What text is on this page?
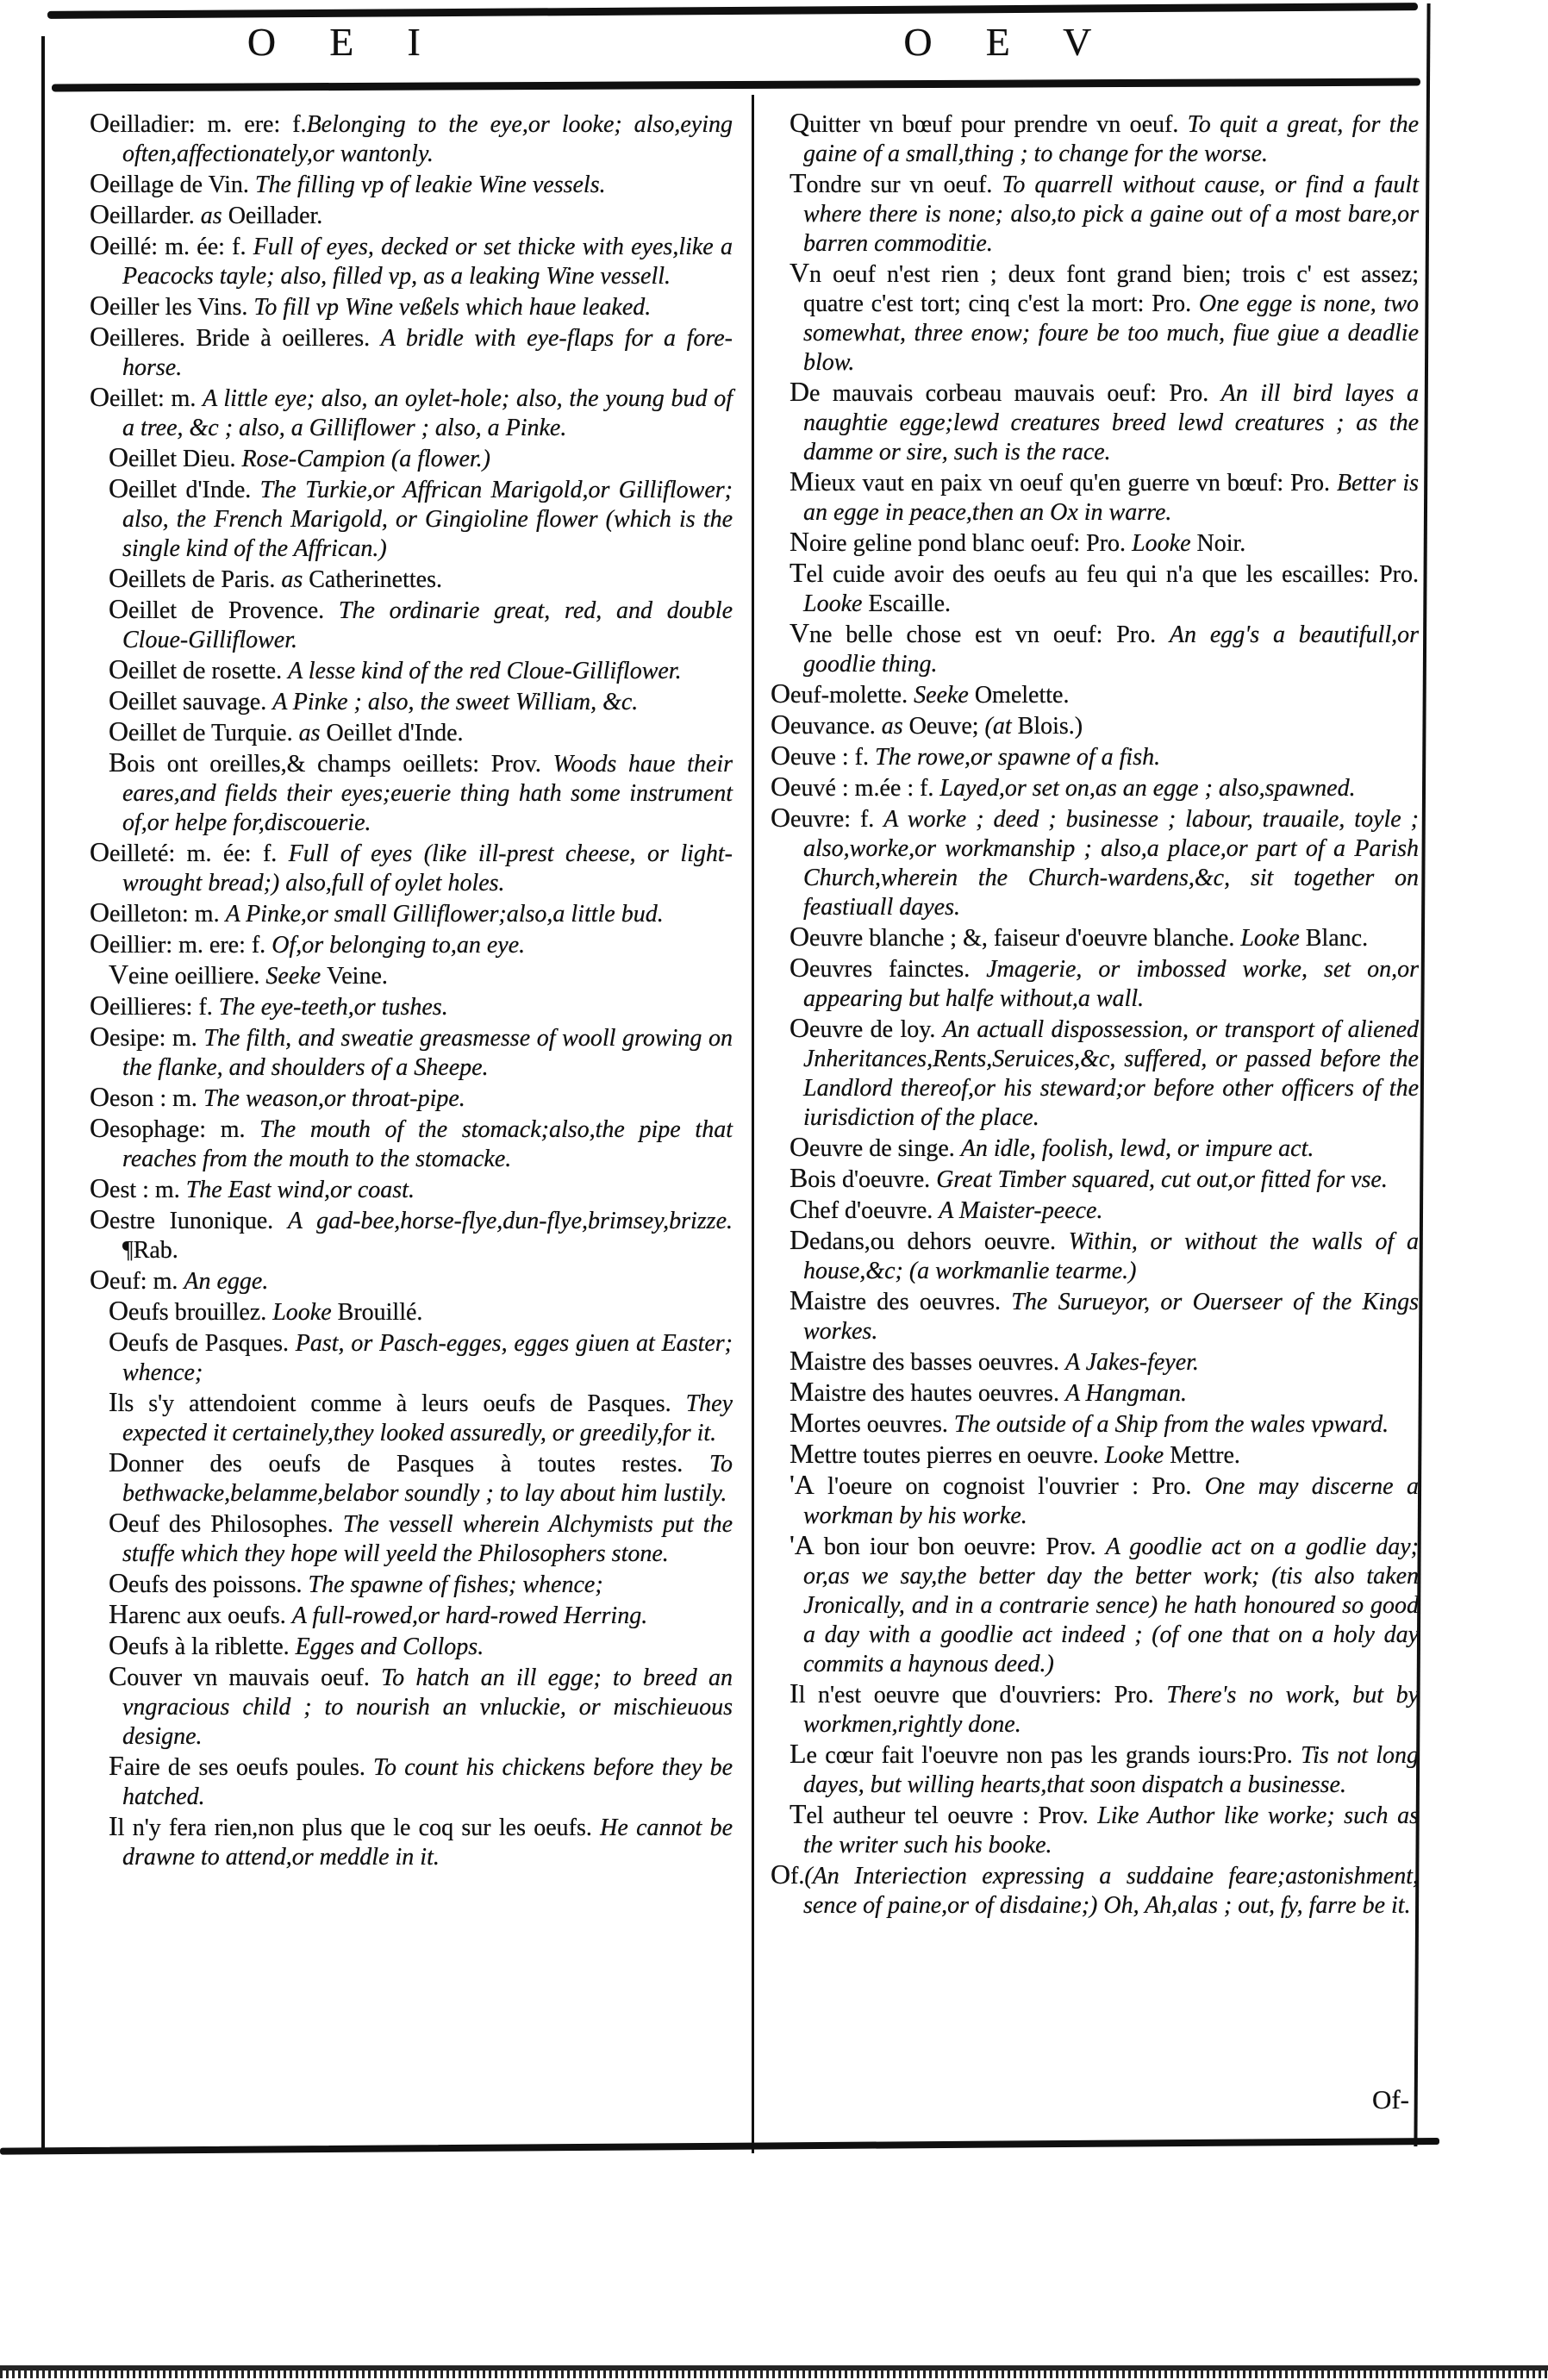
O E I	O E V

Oeilladier: m. ere: f.Belonging to the eye,or looke; also,eying often,affectionately,or wantonly.

Oeillage de Vin. The filling vp of leakie Wine vessels.

Oeillarder. as Oeillader.

Oeillé: m. ée: f. Full of eyes, decked or set thicke with eyes,like a Peacocks tayle; also, filled vp, as a leaking Wine vessell.

Oeiller les Vins. To fill vp Wine veßels which haue leaked.

Oeilleres. Bride à oeilleres. A bridle with eye-flaps for a fore-horse.

Oeillet: m. A little eye; also, an oylet-hole; also, the young bud of a tree, &c ; also, a Gilliflower ; also, a Pinke.

Oeillet Dieu. Rose-Campion (a flower.)

Oeillet d'Inde. The Turkie,or Affrican Marigold,or Gilliflower; also, the French Marigold, or Gingioline flower (which is the single kind of the Affrican.)

Oeillets de Paris. as Catherinettes.

Oeillet de Provence. The ordinarie great, red, and double Cloue-Gilliflower.

Oeillet de rosette. A lesse kind of the red Cloue-Gilliflower.

Oeillet sauvage. A Pinke ; also, the sweet William, &c.

Oeillet de Turquie. as Oeillet d'Inde.

Bois ont oreilles,& champs oeillets: Prov. Woods haue their eares,and fields their eyes;euerie thing hath some instrument of,or helpe for,discouerie.

Oeilleté: m. ée: f. Full of eyes (like ill-prest cheese, or light-wrought bread;) also,full of oylet holes.

Oeilleton: m. A Pinke,or small Gilliflower;also,a little bud.

Oeillier: m. ere: f. Of,or belonging to,an eye.

Veine oeilliere. Seeke Veine.

Oeillieres: f. The eye-teeth,or tushes.

Oesipe: m. The filth, and sweatie greasmesse of wooll growing on the flanke, and shoulders of a Sheepe.

Oeson : m. The weason,or throat-pipe.

Oesophage: m. The mouth of the stomack;also,the pipe that reaches from the mouth to the stomacke.

Oest : m. The East wind,or coast.

Oestre Iunonique. A gad-bee,horse-flye,dun-flye,brimsey,brizze. ¶Rab.

Oeuf: m. An egge.

Oeufs brouillez. Looke Brouillé.

Oeufs de Pasques. Past, or Pasch-egges, egges giuen at Easter; whence;

Ils s'y attendoient comme à leurs oeufs de Pasques. They expected it certainely,they looked assuredly, or greedily,for it.

Donner des oeufs de Pasques à toutes restes. To bethwacke,belamme,belabor soundly ; to lay about him lustily.

Oeuf des Philosophes. The vessell wherein Alchymists put the stuffe which they hope will yeeld the Philosophers stone.

Oeufs des poissons. The spawne of fishes; whence;

Harenc aux oeufs. A full-rowed,or hard-rowed Herring.

Oeufs à la riblette. Egges and Collops.

Couver vn mauvais oeuf. To hatch an ill egge; to breed an vngracious child ; to nourish an vnluckie, or mischieuous designe.

Faire de ses oeufs poules. To count his chickens before they be hatched.

Il n'y fera rien,non plus que le coq sur les oeufs. He cannot be drawne to attend,or meddle in it.

Quitter vn bœuf pour prendre vn oeuf. To quit a great, for the gaine of a small,thing ; to change for the worse.

Tondre sur vn oeuf. To quarrell without cause, or find a fault where there is none; also,to pick a gaine out of a most bare,or barren commoditie.

Vn oeuf n'est rien ; deux font grand bien; trois c' est assez; quatre c'est tort; cinq c'est la mort: Pro. One egge is none, two somewhat, three enow; foure be too much, fiue giue a deadlie blow.

De mauvais corbeau mauvais oeuf: Pro. An ill bird layes a naughtie egge;lewd creatures breed lewd creatures ; as the damme or sire, such is the race.

Mieux vaut en paix vn oeuf qu'en guerre vn bœuf: Pro. Better is an egge in peace,then an Ox in warre.

Noire geline pond blanc oeuf: Pro. Looke Noir.

Tel cuide avoir des oeufs au feu qui n'a que les escailles: Pro. Looke Escaille.

Vne belle chose est vn oeuf: Pro. An egg's a beautifull,or goodlie thing.

Oeuf-molette. Seeke Omelette.

Oeuvance. as Oeuve; (at Blois.)

Oeuve : f. The rowe,or spawne of a fish.

Oeuvé : m.ée : f. Layed,or set on,as an egge ; also,spawned.

Oeuvre: f. A worke ; deed ; businesse ; labour, trauaile, toyle ; also,worke,or workmanship ; also,a place,or part of a Parish Church,wherein the Church-wardens,&c, sit together on feastiuall dayes.

Oeuvre blanche ; &, faiseur d'oeuvre blanche. Looke Blanc.

Oeuvres fainctes. Jmagerie, or imbossed worke, set on,or appearing but halfe without,a wall.

Oeuvre de loy. An actuall dispossession, or transport of aliened Jnheritances,Rents,Seruices,&c, suffered, or passed before the Landlord thereof,or his steward;or before other officers of the iurisdiction of the place.

Oeuvre de singe. An idle, foolish, lewd, or impure act.

Bois d'oeuvre. Great Timber squared, cut out,or fitted for vse.

Chef d'oeuvre. A Maister-peece.

Dedans,ou dehors oeuvre. Within, or without the walls of a house,&c; (a workmanlie tearme.)

Maistre des oeuvres. The Surueyor, or Ouerseer of the Kings workes.

Maistre des basses oeuvres. A Jakes-feyer.

Maistre des hautes oeuvres. A Hangman.

Mortes oeuvres. The outside of a Ship from the wales vpward.

Mettre toutes pierres en oeuvre. Looke Mettre.

'A l'oeure on cognoist l'ouvrier : Pro. One may discerne a workman by his worke.

'A bon iour bon oeuvre: Prov. A goodlie act on a godlie day; or,as we say,the better day the better work; (tis also taken Jronically, and in a contrarie sence) he hath honoured so good a day with a goodlie act indeed ; (of one that on a holy day commits a haynous deed.)

Il n'est oeuvre que d'ouvriers: Pro. There's no work, but by workmen,rightly done.

Le cœur fait l'oeuvre non pas les grands iours:Pro. Tis not long dayes, but willing hearts,that soon dispatch a businesse.

Tel autheur tel oeuvre : Prov. Like Author like worke; such as the writer such his booke.

Of.(An Interiection expressing a suddaine feare;astonishment, sence of paine,or of disdaine;) Oh, Ah,alas ; out, fy, farre be it.

Of-
